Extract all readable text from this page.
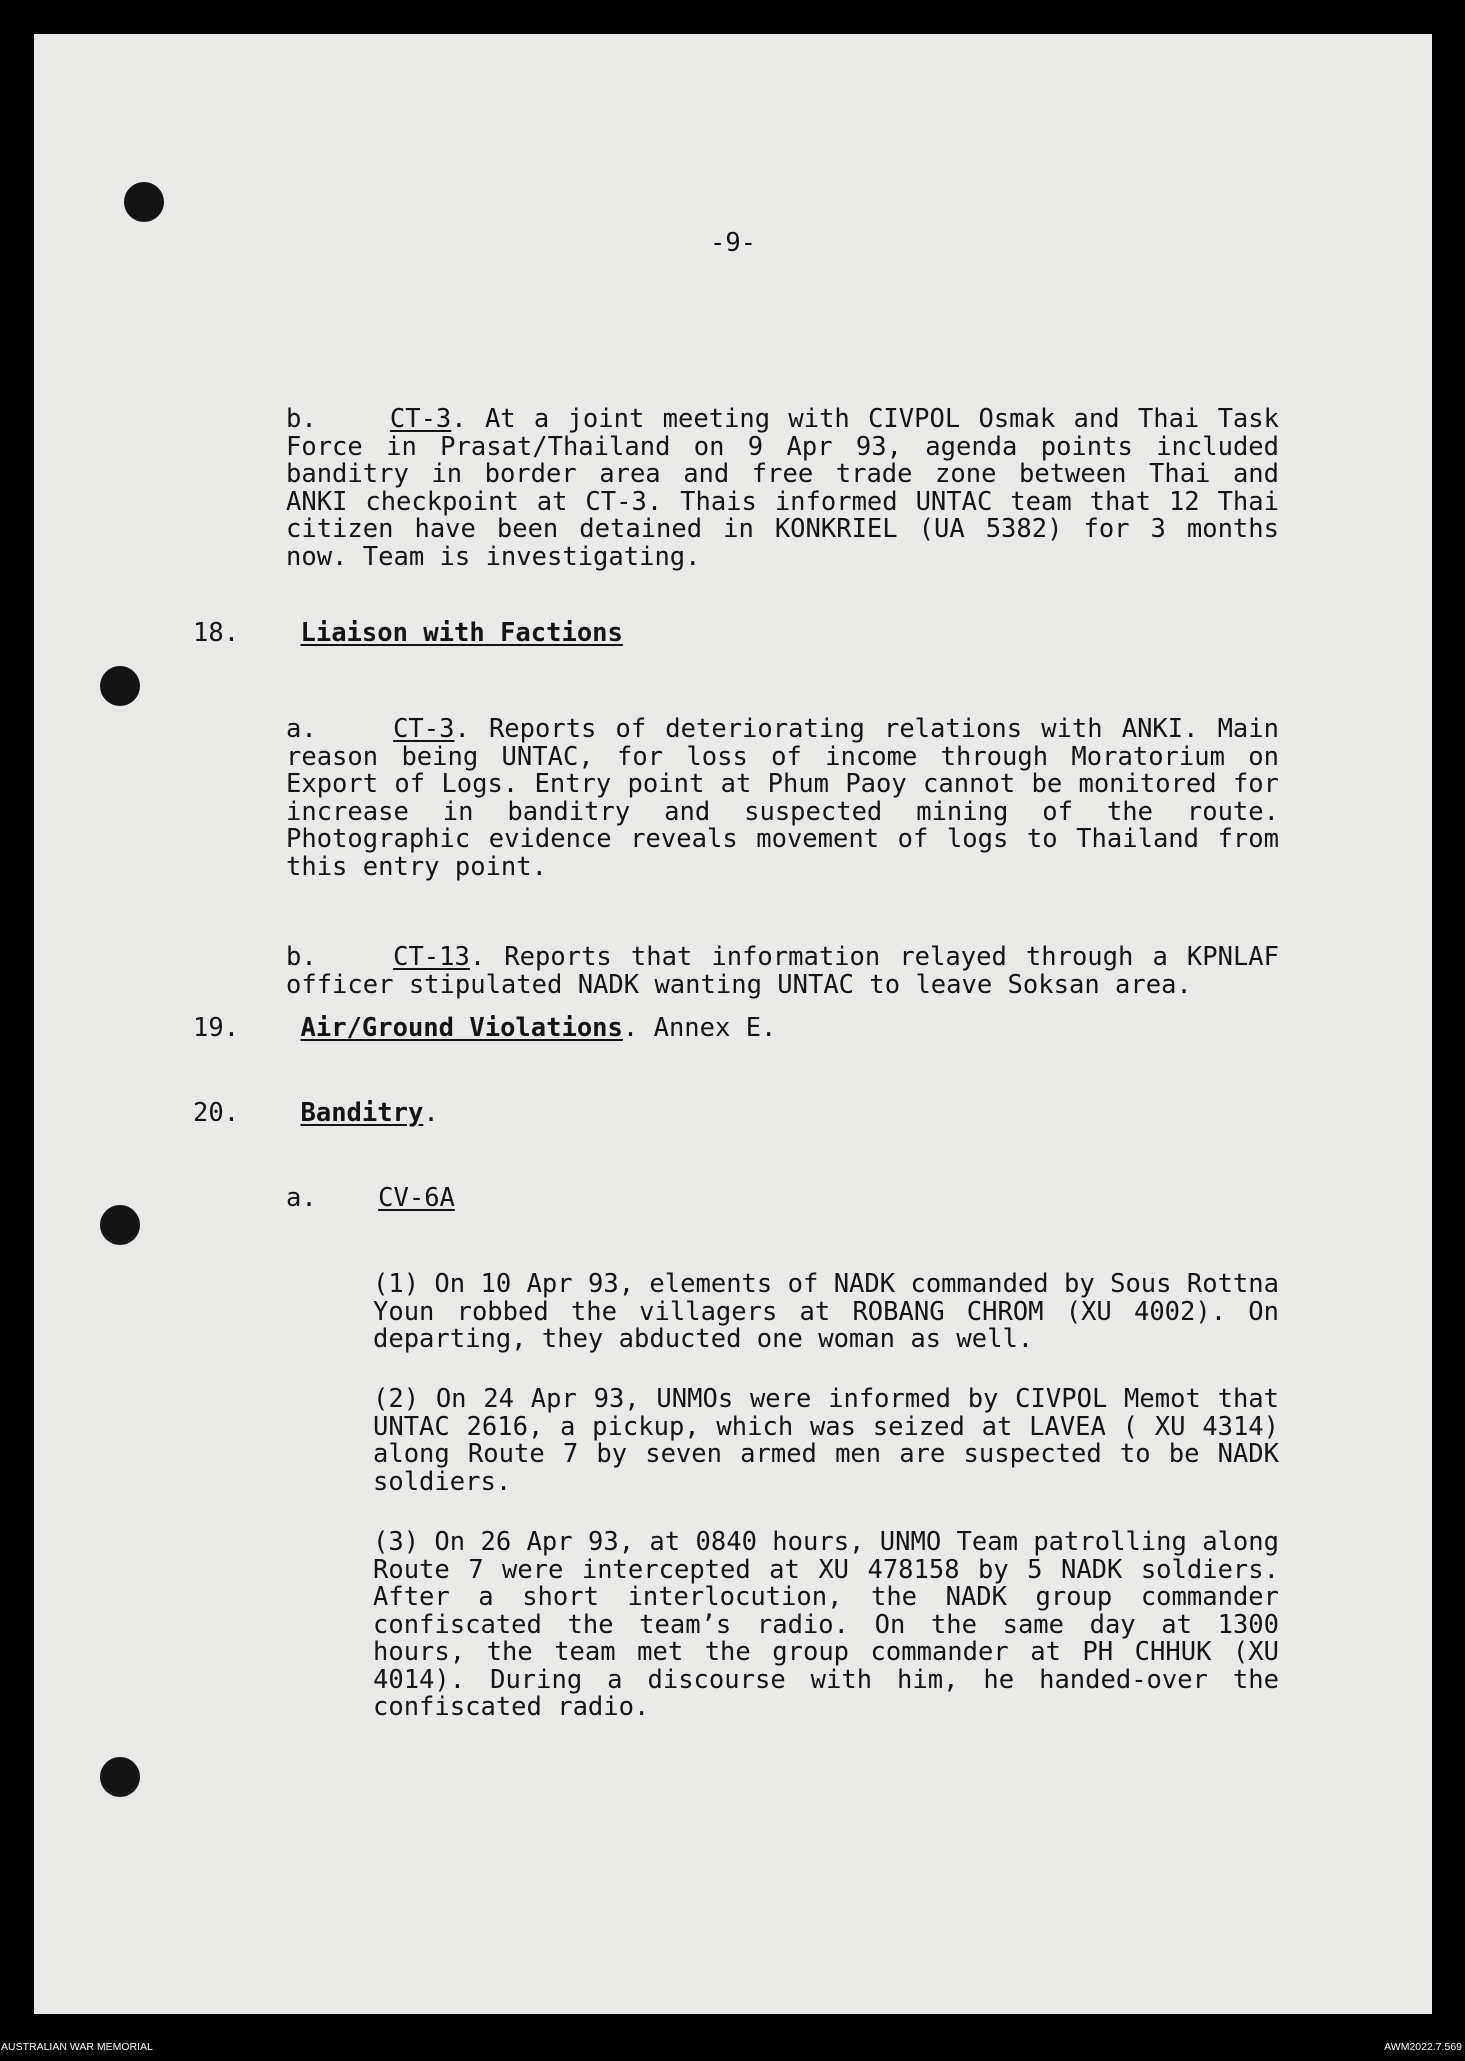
-9-

b.	CT-3. At a joint meeting with CIVPOL Osmak and Thai Task Force in Prasat/Thailand on 9 Apr 93, agenda points included banditry in border area and free trade zone between Thai and ANKI checkpoint at CT-3. Thais informed UNTAC team that 12 Thai citizen have been detained in KONKRIEL (UA 5382) for 3 months now. Team is investigating.

18. Liaison with Factions

a.	CT-3. Reports of deteriorating relations with ANKI. Main reason being UNTAC, for loss of income through Moratorium on Export of Logs. Entry point at Phum Paoy cannot be monitored for increase in banditry and suspected mining of the route. Photographic evidence reveals movement of logs to Thailand from this entry point.

b.	CT-13. Reports that information relayed through a KPNLAF officer stipulated NADK wanting UNTAC to leave Soksan area.

19. Air/Ground Violations. Annex E.
20. Banditry.
a. CV-6A

(1) On 10 Apr 93, elements of NADK commanded by Sous Rottna Youn robbed the villagers at ROBANG CHROM (XU 4002). On departing, they abducted one woman as well.

(2) On 24 Apr 93, UNMOs were informed by CIVPOL Memot that UNTAC 2616, a pickup, which was seized at LAVEA ( XU 4314) along Route 7 by seven armed men are suspected to be NADK soldiers.

(3) On 26 Apr 93, at 0840 hours, UNMO Team patrolling along Route 7 were intercepted at XU 478158 by 5 NADK soldiers. After a short interlocution, the NADK group commander confiscated the team’s radio. On the same day at 1300 hours, the team met the group commander at PH CHHUK (XU 4014). During a discourse with him, he handed-over the confiscated radio.

AUSTRALIAN WAR MEMORIAL	AWM2022.7.569
